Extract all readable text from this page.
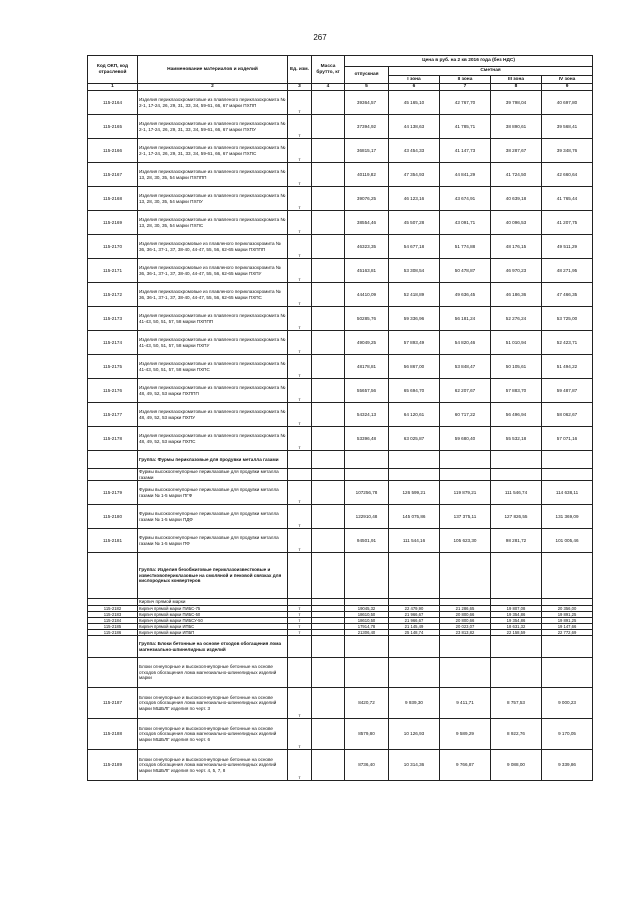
267
Код ОКП, код отраслевой	Наименование материалов и изделий	Ед. изм.	Масса брутто, кг	Цена в руб. на 2 кв 2016 года (без НДС)				
				отпускная	Сметная			
					I зона	II зона	III зона	IV зона
1	2	3	4	5	6	7	8	9
115-2164	Изделия периклазохромитовые из плавленого периклазохромита № 2-1, 17-24, 26, 29, 31, 33, 34, 59-61, 66, 67 марки ПХПП	т		39364,57	45 165,10	42 767,70	39 798,04	40 697,80
115-2165	Изделия периклазохромитовые из плавленого периклазохромита № 2-1, 17-24, 26, 29, 31, 33, 34, 59-61, 66, 67 марки ПХПУ	т		37394,92	44 138,63	41 785,71	38 890,61	39 568,41
115-2166	Изделия периклазохромитовые из плавленого периклазохромита № 2-1, 17-24, 26, 29, 31, 33, 34, 59-61, 66, 67 марки ПХПС	т		36815,17	43 454,33	41 147,73	38 287,67	39 348,76
115-2167	Изделия периклазохромитовые из плавленого периклазохромита № 13, 28, 30, 35, 54 марки ПХППП	т		40119,82	47 354,93	44 841,29	41 724,50	42 660,64
115-2168	Изделия периклазохромитовые из плавленого периклазохромита № 13, 28, 30, 35, 54 марки ПХПУ	т		39076,25	46 123,16	43 674,91	40 639,18	41 765,44
115-2169	Изделия периклазохромитовые из плавленого периклазохромита № 13, 28, 30, 35, 54 марки ПХПС	т		38554,46	45 507,28	43 091,71	40 096,53	41 207,75
115-2170	Изделия периклазохромовые из плавленого периклазохромита № 36, 36-1, 37-1, 37, 38-40, 44-47, 55, 56, 62-65 марки ПХППП	т		46323,35	54 677,18	51 774,88	48 176,15	49 511,29
115-2171	Изделия периклазохромовые из плавленого периклазохромита № 36, 36-1, 37-1, 37, 38-40, 44-47, 55, 56, 62-65 марки ПХПУ	т		45163,81	53 308,54	50 478,87	46 970,23	48 271,95
115-2172	Изделия периклазохромовые из плавленого периклазохромита № 36, 36-1, 37-1, 37, 38-40, 44-47, 55, 56, 62-65 марки ПХПС	т		44410,09	52 418,89	49 636,45	46 186,36	47 466,35
115-2173	Изделия периклазохромитовые из плавленого периклазохромита № 41-43, 50, 51, 57, 58 марки ПХППП	т		50285,76	59 336,96	56 181,24	52 276,24	53 725,00
115-2174	Изделия периклазохромитовые из плавленого периклазохромита № 41-43, 50, 51, 57, 58 марки ПХПУ	т		49049,25	57 893,49	54 820,46	51 010,94	52 423,71
115-2175	Изделия периклазохромитовые из плавленого периклазохромита № 41-43, 50, 51, 57, 58 марки ПХПС	т		48178,81	56 867,00	53 848,47	50 105,61	51 494,22
115-2176	Изделия периклазохромитовые из плавленого периклазохромита № 48, 49, 52, 53 марки ПХППП	т		55657,56	65 694,70	62 207,67	57 883,70	59 487,87
115-2177	Изделия периклазохромитовые из плавленого периклазохромита № 48, 49, 52, 53 марки ПХПУ	т		54324,13	64 120,61	60 717,22	56 496,94	58 062,67
115-2178	Изделия периклазохромитовые из плавленого периклазохромита № 48, 49, 52, 53 марки ПХПС	т		53396,48	63 025,87	59 680,40	55 532,18	57 071,16
	Группа: Фурмы периклазовые для продувки металла газами							
	Фурмы высокоогнеупорные периклазовые для продувки металла газами							
115-2179	Фурмы высокоогнеупорные периклазовые для продувки металла газами № 1-5 марки ПГФ	т		107256,78	126 599,21	119 879,21	111 546,74	114 638,11
115-2180	Фурмы высокоогнеупорные периклазовые для продувки металла газами № 1-5 марки ПДФ	т		122910,48	145 075,86	137 375,11	127 826,55	131 369,09
115-2181	Фурмы высокоогнеупорные периклазовые для продувки металла газами № 1-5 марки ПФ	т		94501,91	111 544,16	105 623,30	98 281,72	101 005,46
	Группа: Изделия безобжиговые периклазоизвестковые и известковопериклазовые на смоляной и пековой связках для кислородных конвертеров							
	Кирпич прямой марки							
115-2182	Кирпич прямой марки ПИБС-75	т		19045,32	22 479,90	21 286,65	19 807,08	20 356,00
115-2183	Кирпич прямой марки ПИБС-50	т		18610,50	21 966,67	20 800,66	19 354,86	19 891,25
115-2184	Кирпич прямой марки ПИБСУ-50	т		18610,50	21 966,67	20 800,66	19 354,86	19 891,25
115-2185	Кирпич прямой марки ИПБС	т		17914,78	21 145,49	20 023,07	18 631,32	19 147,66
115-2186	Кирпич прямой марки ИПБП	т		21306,40	25 148,74	23 813,82	22 158,59	22 772,69
	Группа: Блоки бетонные на основе отходов обогащения лома магнезиально-шпинелидных изделий							
	Блоки огнеупорные и высокоогнеупорные бетонные на основе отходов обогащения лома магнезиально-шпинелидных изделий марки							
115-2187	Блоки огнеупорные и высокоогнеупорные бетонные на основе отходов обогащения лома магнезиально-шпинелидных изделий марки МШБЛГ изделия по черт. 3	т		8420,72	9 939,30	9 411,71	8 757,53	9 000,23
115-2188	Блоки огнеупорные и высокоогнеупорные бетонные на основе отходов обогащения лома магнезиально-шпинелидных изделий марки МШБЛГ изделия по черт. 6	т		8579,80	10 126,93	9 589,29	8 922,76	9 170,05
115-2189	Блоки огнеупорные и высокоогнеупорные бетонные на основе отходов обогащения лома магнезиально-шпинелидных изделий марки МШБЛГ изделия по черт. 4, 5, 7, 8	т		8736,40	10 314,36	9 766,87	9 088,00	9 339,86
